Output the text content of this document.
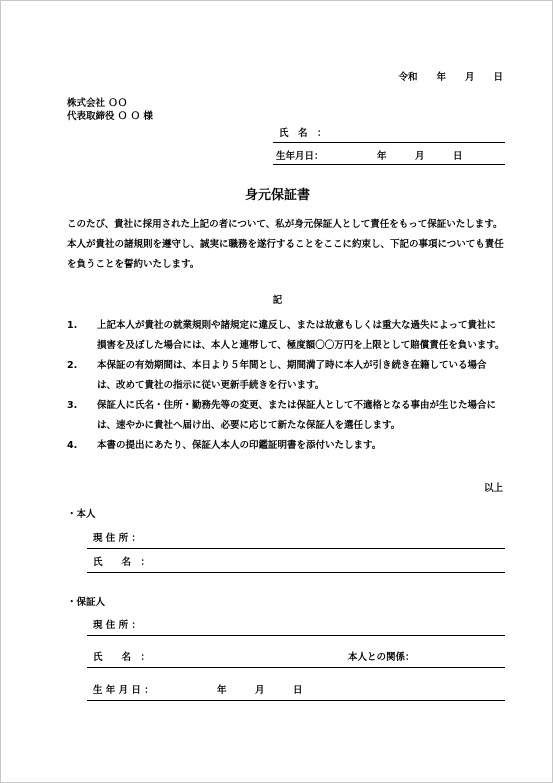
令和　　年　　月　　日
株式会社 ＯＯ
代表取締役 Ｏ Ｏ 様
氏　名　：
生年月日：	年　　　月　　　日
身元保証書
このたび、貴社に採用された上記の者について、私が身元保証人として責任をもって保証いたします。本人が貴社の諸規則を遵守し、誠実に職務を遂行することをここに約束し、下記の事項についても責任を負うことを誓約いたします。
記
1. 上記本人が貴社の就業規則や諸規定に違反し、または故意もしくは重大な過失によって貴社に損害を及ぼした場合には、本人と連帯して、極度額〇〇万円を上限として賠償責任を負います。
2. 本保証の有効期間は、本日より５年間とし、期間満了時に本人が引き続き在籍している場合は、改めて貴社の指示に従い更新手続きを行います。
3. 保証人に氏名・住所・勤務先等の変更、または保証人として不適格となる事由が生じた場合には、速やかに貴社へ届け出、必要に応じて新たな保証人を選任します。
4. 本書の提出にあたり、保証人本人の印鑑証明書を添付いたします。
以上
・本人
現 住 所 ：
氏　　名　：
・保証人
現 住 所 ：
氏　　名　：	本人との関係：
生 年 月 日 ：	年　　　月　　　日
